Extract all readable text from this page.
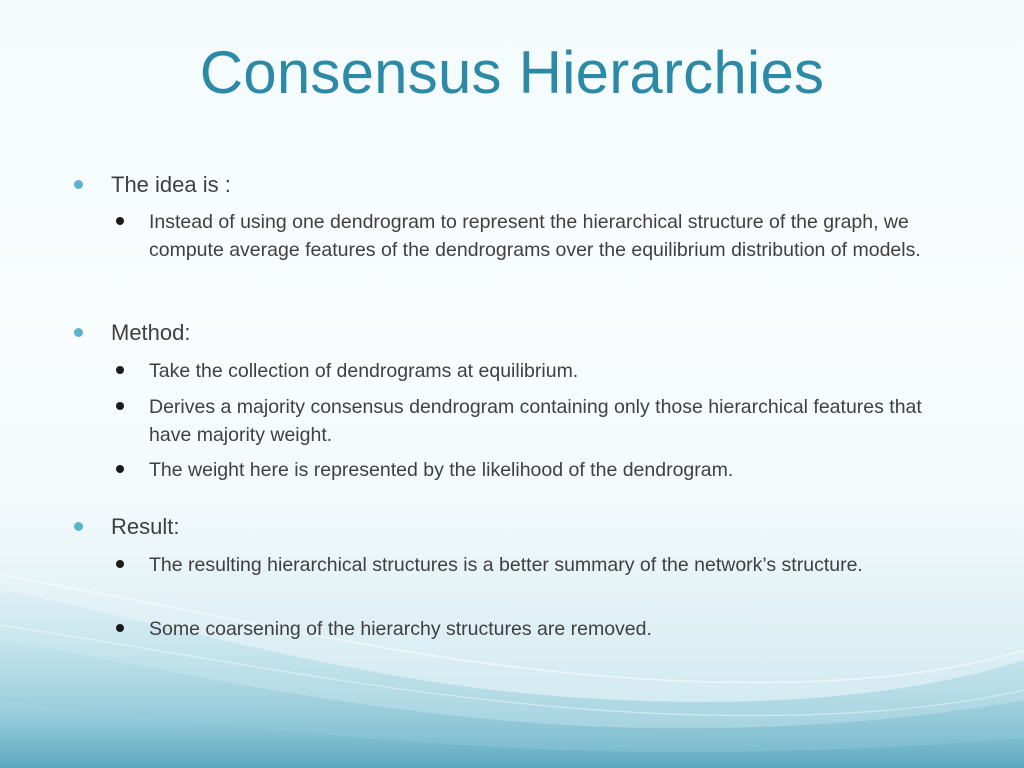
Consensus Hierarchies
The idea is :
Instead of using one dendrogram to represent the hierarchical structure of the graph, we compute average features of the dendrograms over the equilibrium distribution of models.
Method:
Take the collection of dendrograms at equilibrium.
Derives a majority consensus dendrogram containing only those hierarchical features that have majority weight.
The weight here is represented by the likelihood of the dendrogram.
Result:
The resulting hierarchical structures is a better summary of the network’s structure.
Some coarsening of the hierarchy structures are removed.
